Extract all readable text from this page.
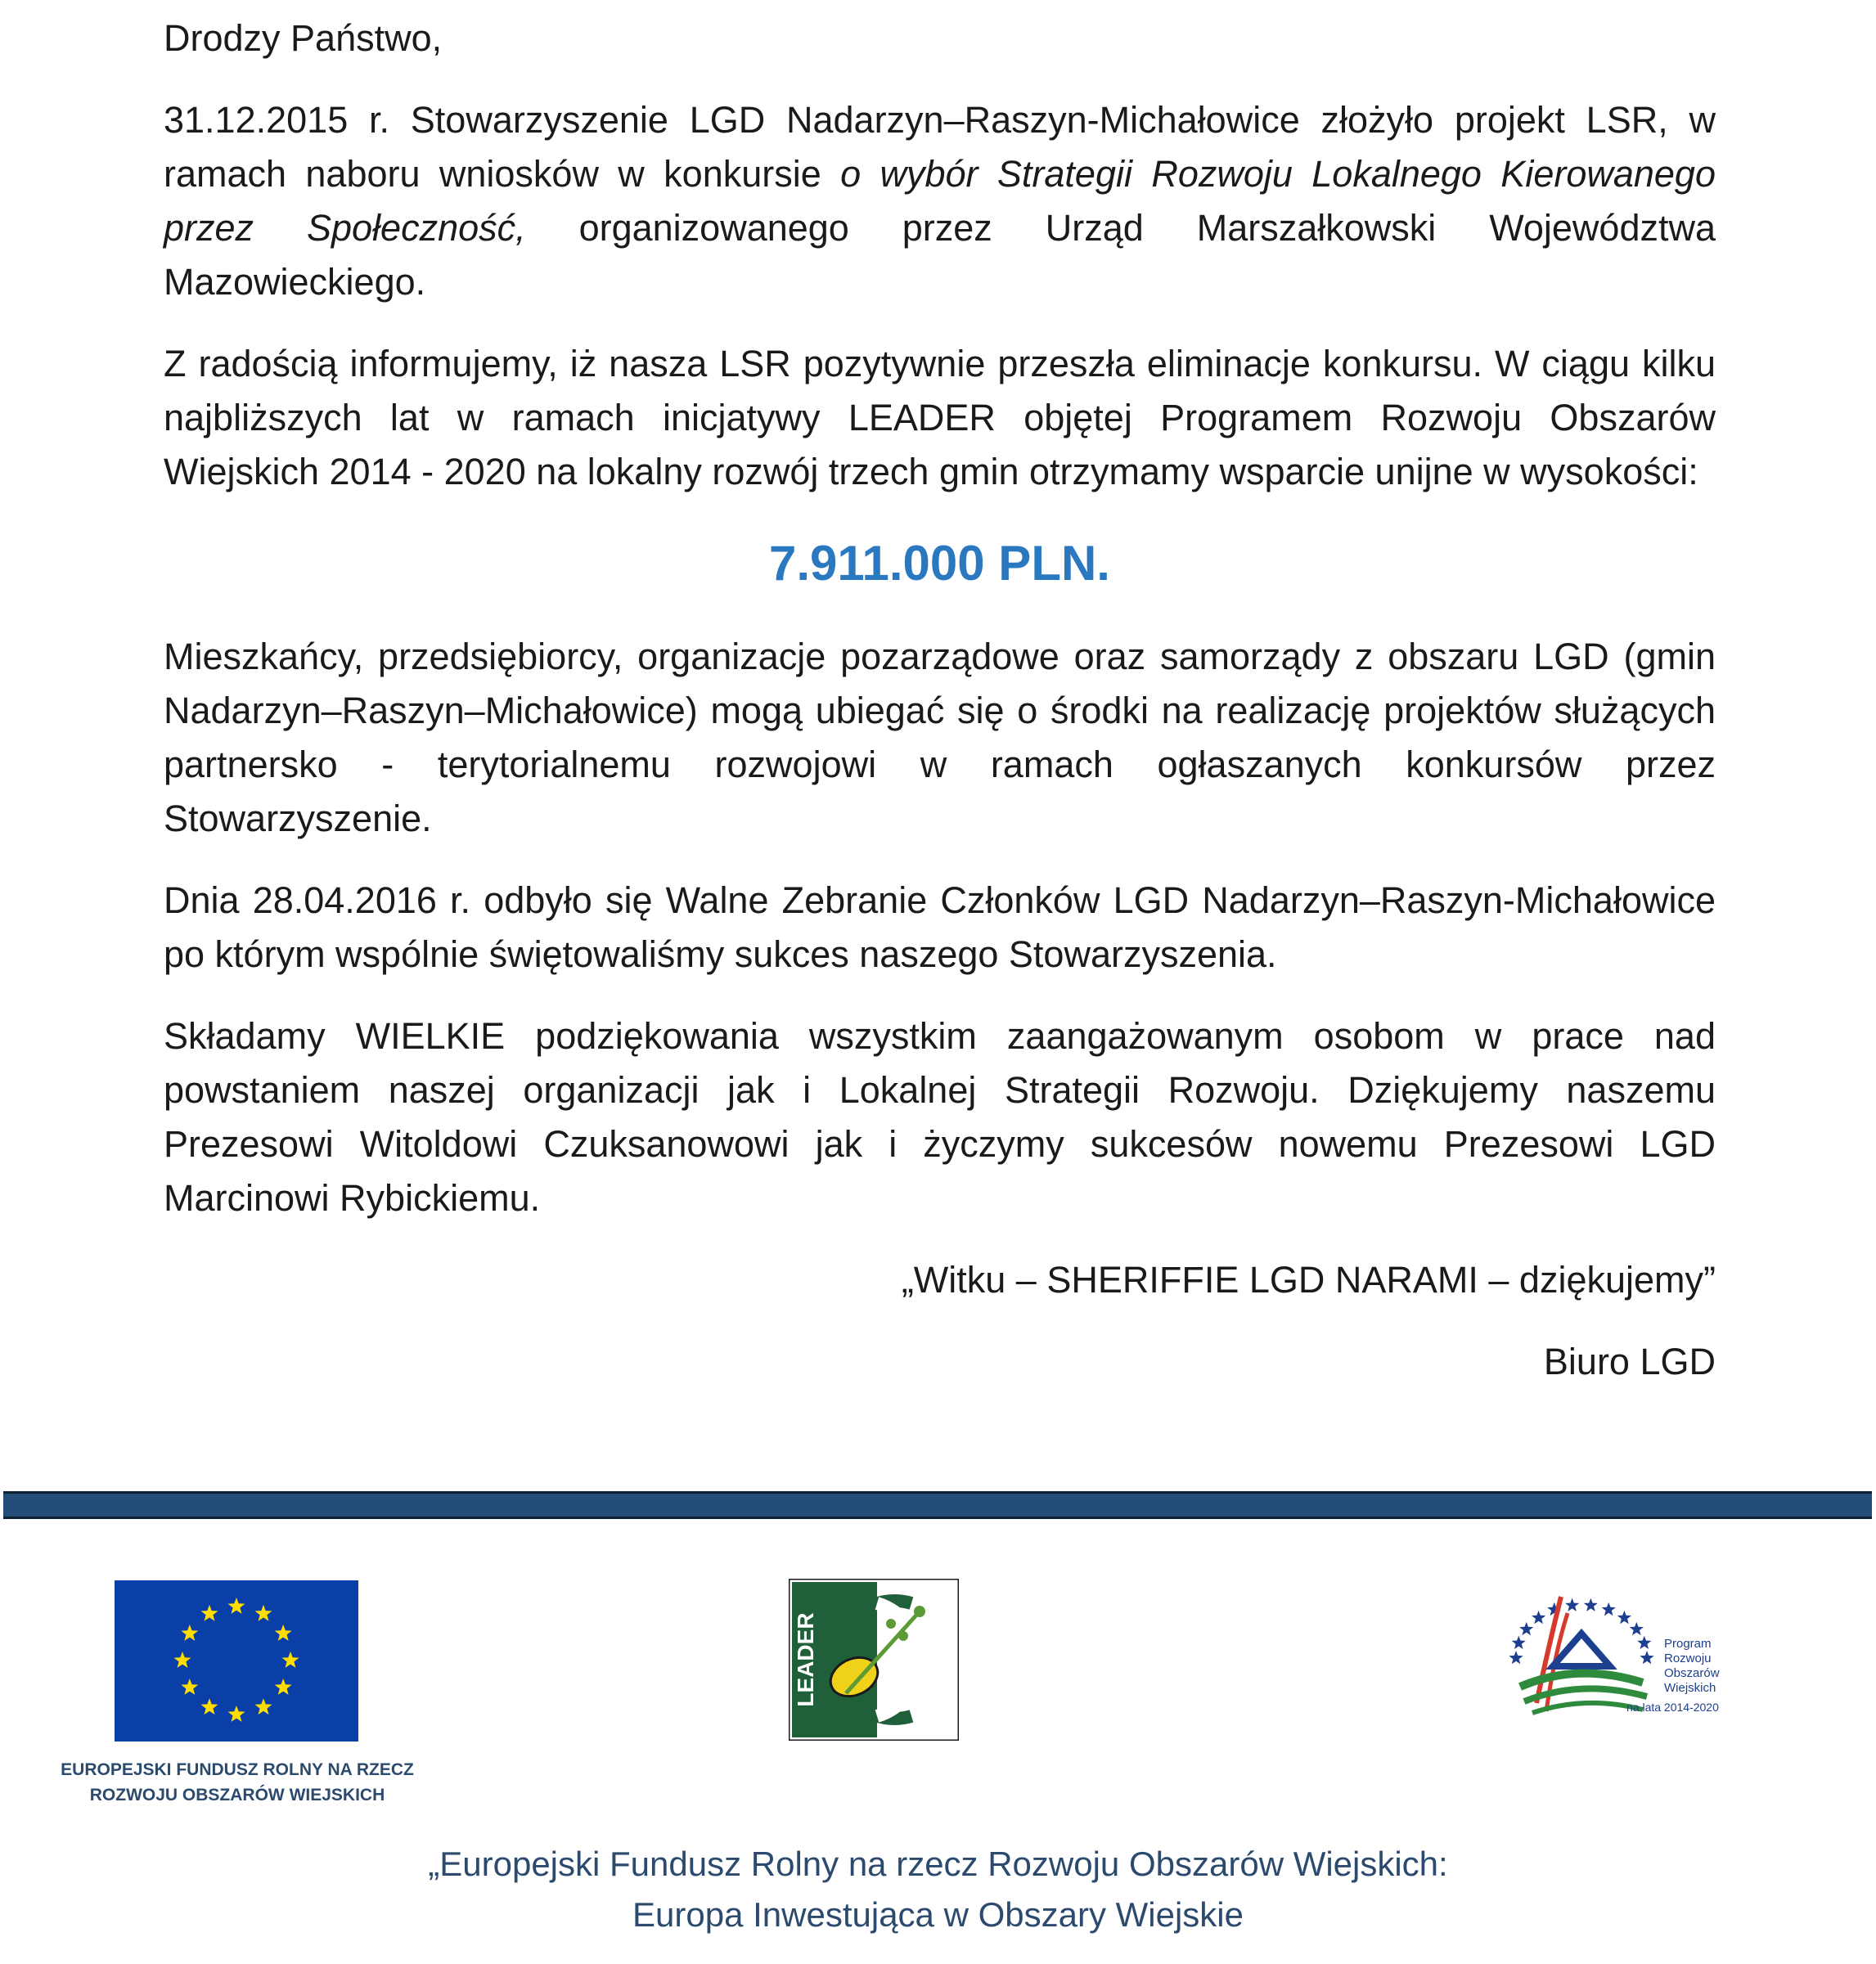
Drodzy Państwo,

31.12.2015 r. Stowarzyszenie LGD Nadarzyn–Raszyn-Michałowice złożyło projekt LSR, w ramach naboru wniosków w konkursie o wybór Strategii Rozwoju Lokalnego Kierowanego przez Społeczność, organizowanego przez Urząd Marszałkowski Województwa Mazowieckiego.

Z radością informujemy, iż nasza LSR pozytywnie przeszła eliminacje konkursu. W ciągu kilku najbliższych lat w ramach inicjatywy LEADER objętej Programem Rozwoju Obszarów Wiejskich 2014 - 2020 na lokalny rozwój trzech gmin otrzymamy wsparcie unijne w wysokości:

7.911.000 PLN.

Mieszkańcy, przedsiębiorcy, organizacje pozarządowe oraz samorządy z obszaru LGD (gmin Nadarzyn–Raszyn–Michałowice) mogą ubiegać się o środki na realizację projektów służących partnersko - terytorialnemu rozwojowi w ramach ogłaszanych konkursów przez Stowarzyszenie.

Dnia 28.04.2016 r. odbyło się Walne Zebranie Członków LGD Nadarzyn–Raszyn-Michałowice po którym wspólnie świętowaliśmy sukces naszego Stowarzyszenia.

Składamy WIELKIE podziękowania wszystkim zaangażowanym osobom w prace nad powstaniem naszej organizacji jak i Lokalnej Strategii Rozwoju. Dziękujemy naszemu Prezesowi Witoldowi Czuksanowowi jak i życzymy sukcesów nowemu Prezesowi LGD Marcinowi Rybickiemu.

„Witku – SHERIFFIE LGD NARAMI – dziękujemy”

Biuro LGD

EUROPEJSKI FUNDUSZ ROLNY NA RZECZ
ROZWOJU OBSZARÓW WIEJSKICH
LEADER	Program
Rozwoju
Obszarów
Wiejskich
na lata 2014-2020
„Europejski Fundusz Rolny na rzecz Rozwoju Obszarów Wiejskich:
Europa Inwestująca w Obszary Wiejskie
